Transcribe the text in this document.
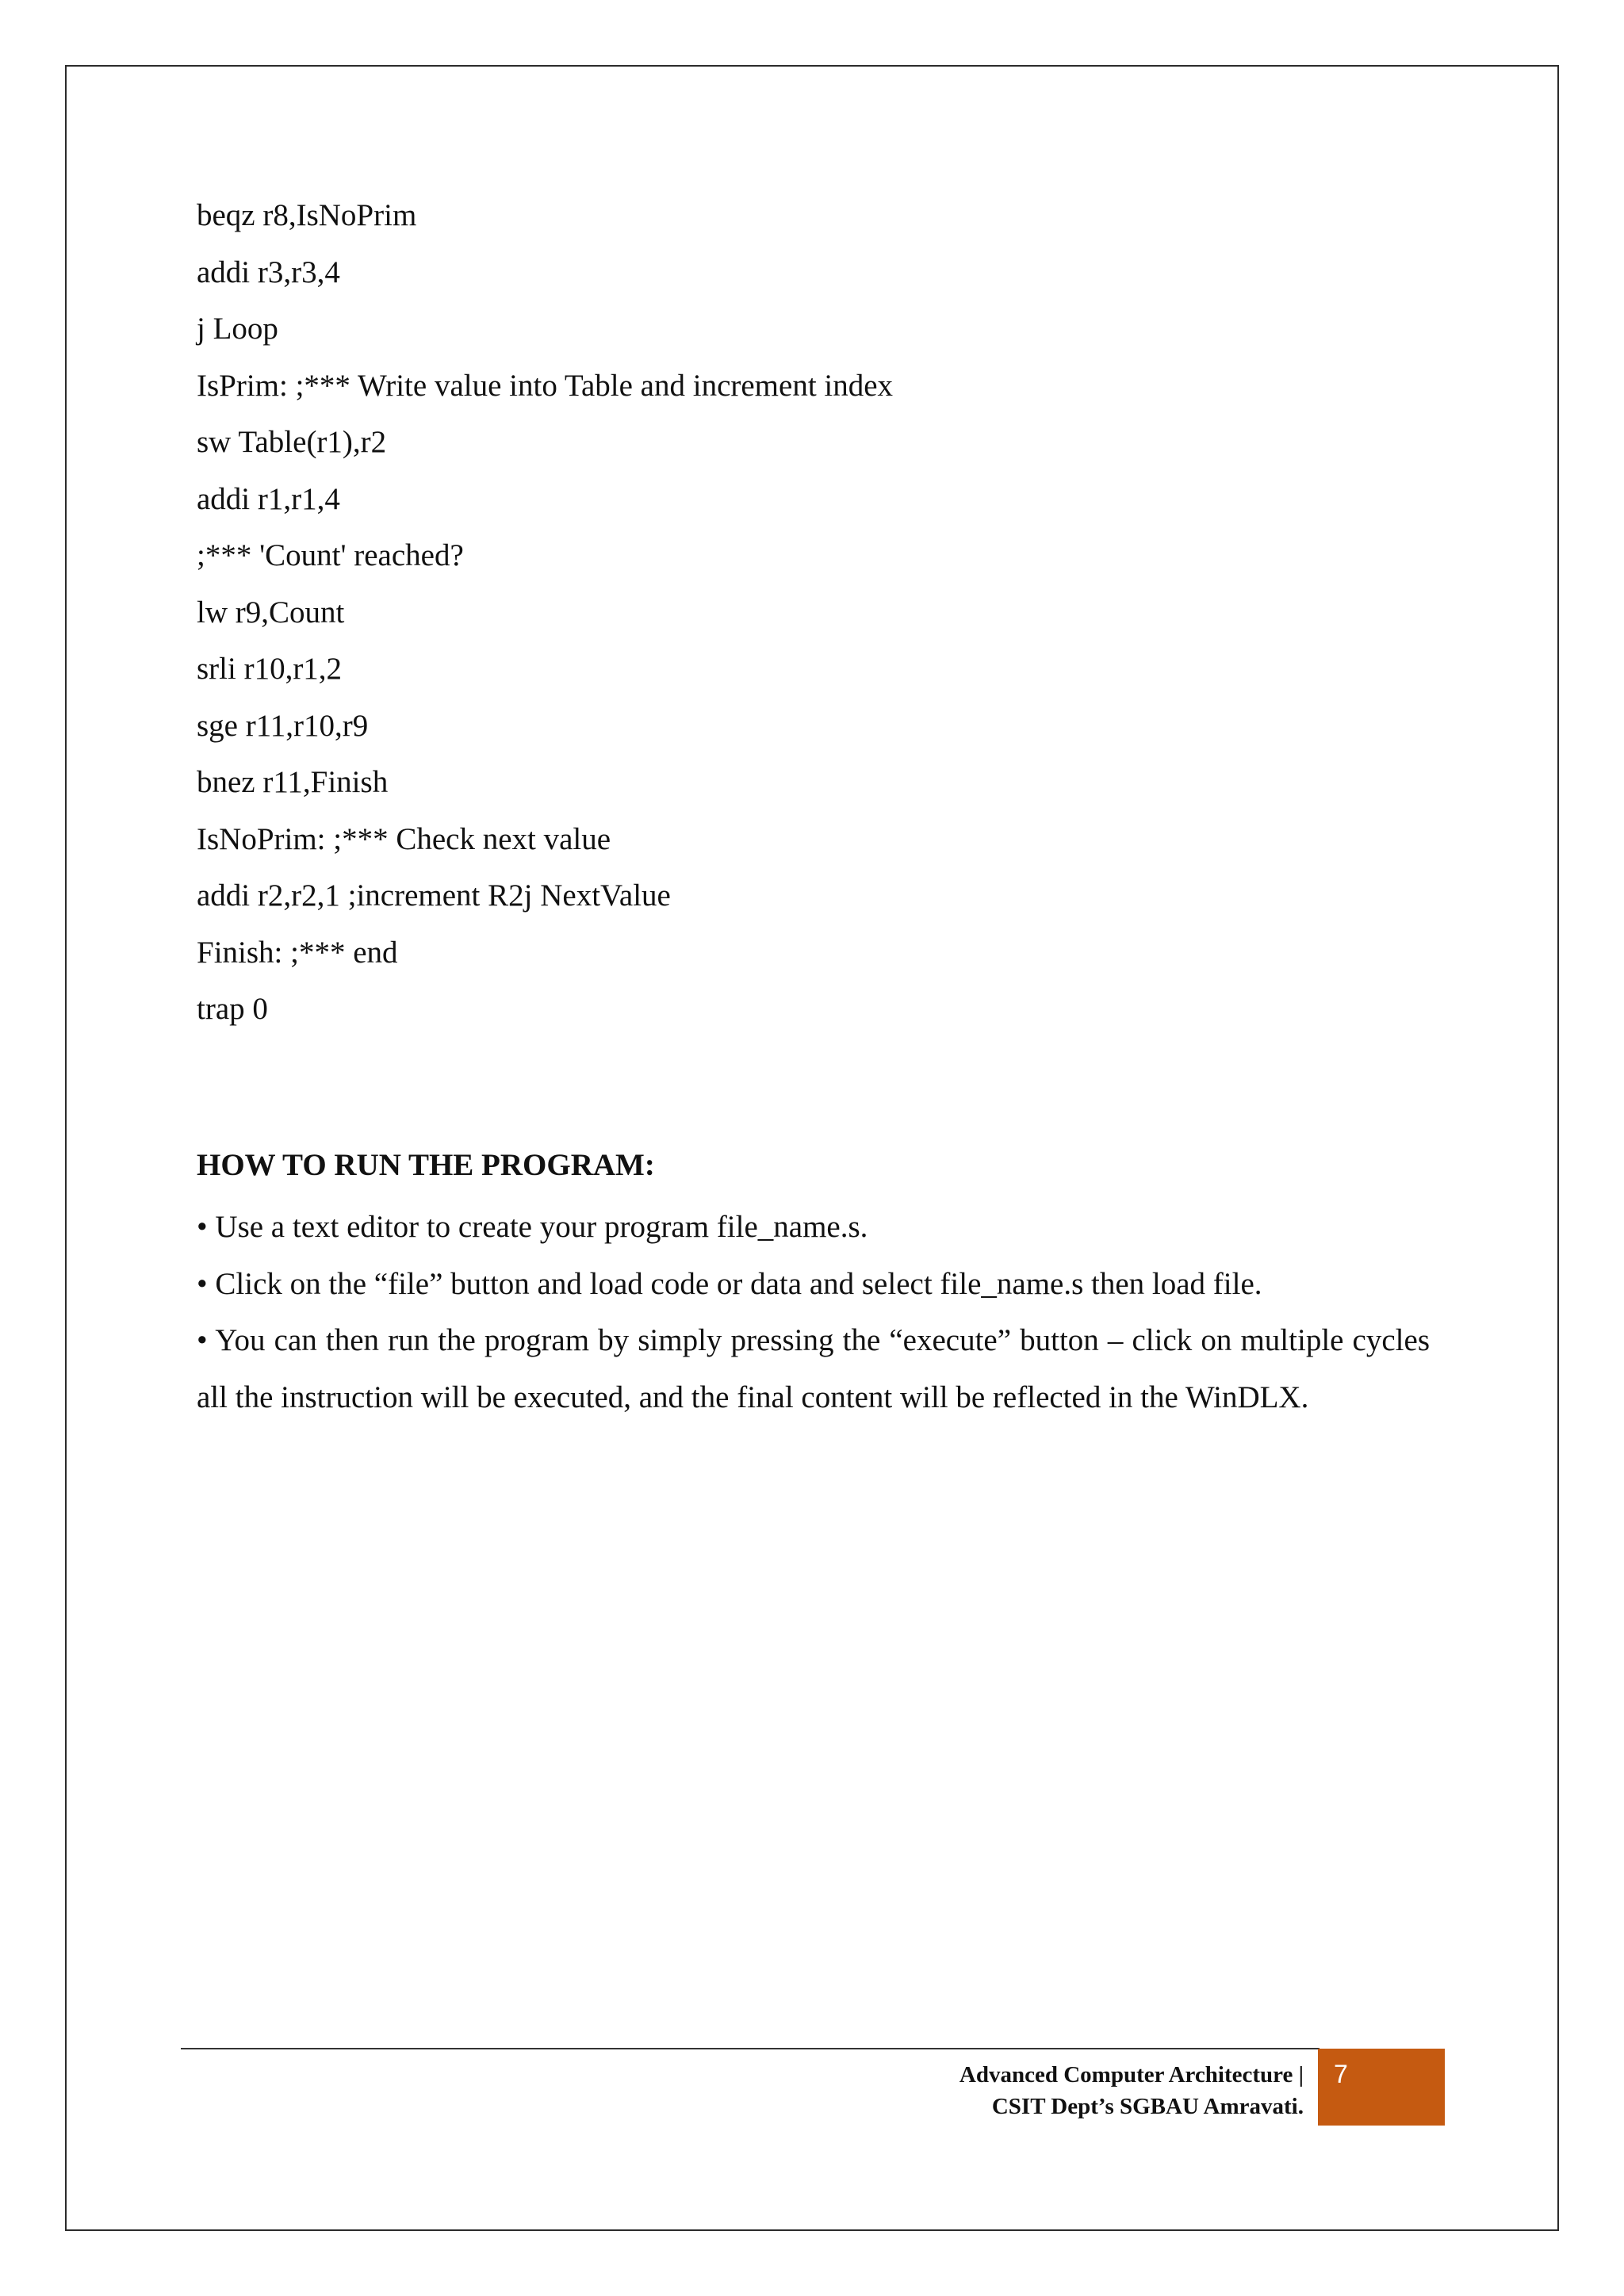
beqz r8,IsNoPrim
addi r3,r3,4
j Loop
IsPrim: ;*** Write value into Table and increment index
sw Table(r1),r2
addi r1,r1,4
;*** 'Count' reached?
lw r9,Count
srli r10,r1,2
sge r11,r10,r9
bnez r11,Finish
IsNoPrim: ;*** Check next value
addi r2,r2,1 ;increment R2j NextValue
Finish: ;*** end
trap 0
HOW TO RUN THE PROGRAM:
• Use a text editor to create your program file_name.s.
• Click on the “file” button and load code or data and select file_name.s then load file.
• You can then run the program by simply pressing the “execute” button – click on multiple cycles all the instruction will be executed, and the final content will be reflected in the WinDLX.
Advanced Computer Architecture |
CSIT Dept’s SGBAU Amravati.
7
